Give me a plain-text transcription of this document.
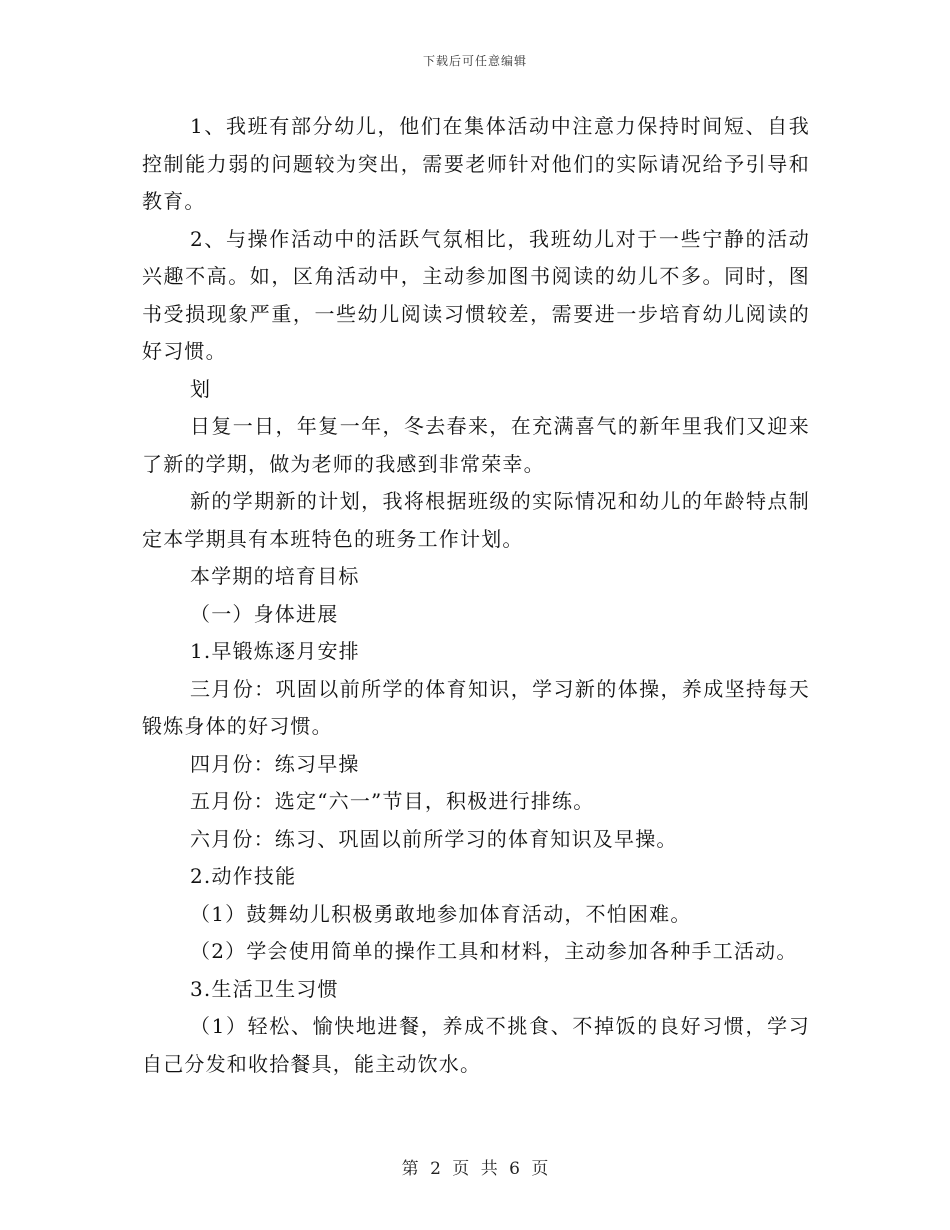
下载后可任意编辑

1、我班有部分幼儿，他们在集体活动中注意力保持时间短、自我控制能力弱的问题较为突出，需要老师针对他们的实际请况给予引导和教育。

2、与操作活动中的活跃气氛相比，我班幼儿对于一些宁静的活动兴趣不高。如，区角活动中，主动参加图书阅读的幼儿不多。同时，图书受损现象严重，一些幼儿阅读习惯较差，需要进一步培育幼儿阅读的好习惯。

划

日复一日，年复一年，冬去春来，在充满喜气的新年里我们又迎来了新的学期，做为老师的我感到非常荣幸。

新的学期新的计划，我将根据班级的实际情况和幼儿的年龄特点制定本学期具有本班特色的班务工作计划。

本学期的培育目标

（一）身体进展

1.早锻炼逐月安排

三月份：巩固以前所学的体育知识，学习新的体操，养成坚持每天锻炼身体的好习惯。

四月份：练习早操

五月份：选定“六一”节目，积极进行排练。

六月份：练习、巩固以前所学习的体育知识及早操。

2.动作技能

（1）鼓舞幼儿积极勇敢地参加体育活动，不怕困难。

（2）学会使用简单的操作工具和材料，主动参加各种手工活动。

3.生活卫生习惯

（1）轻松、愉快地进餐，养成不挑食、不掉饭的良好习惯，学习自己分发和收拾餐具，能主动饮水。

第 2 页 共 6 页
